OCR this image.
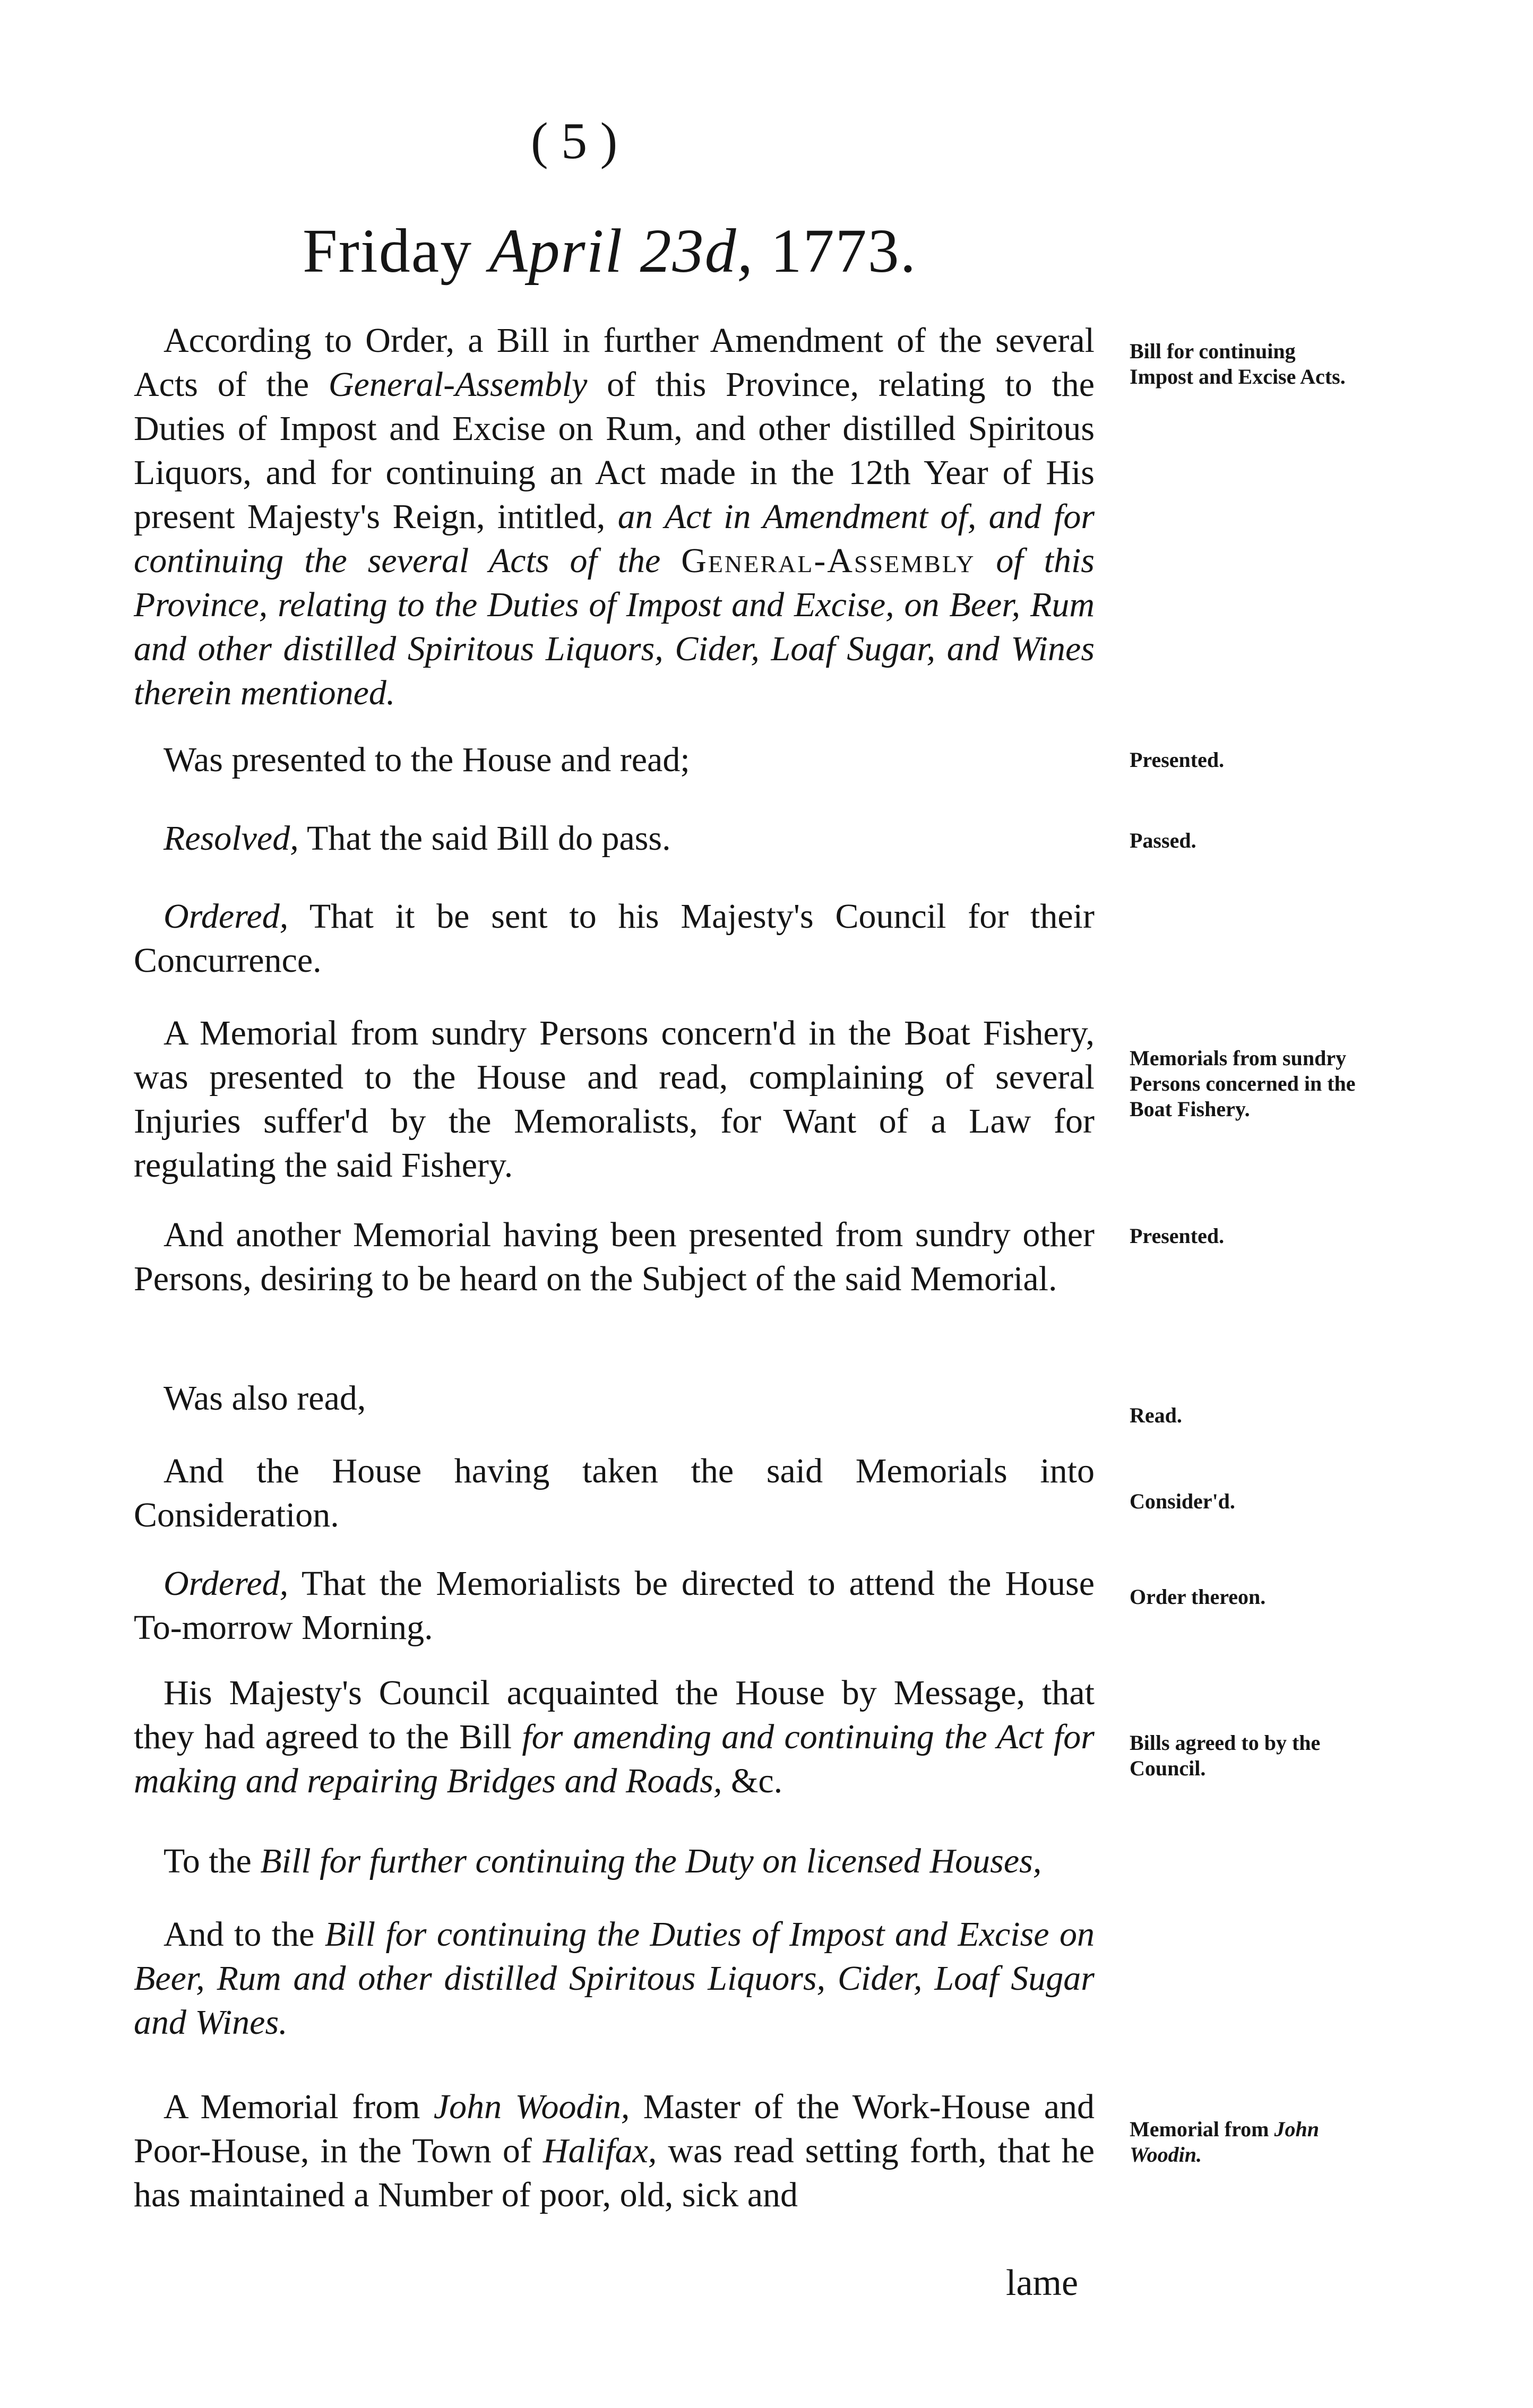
( 5 )
Friday April 23d, 1773.
According to Order, a Bill in further Amendment of the several Acts of the General-Assembly of this Province, relating to the Duties of Impost and Excise on Rum, and other distilled Spiritous Liquors, and for continuing an Act made in the 12th Year of His present Majesty's Reign, intitled, an Act in Amendment of, and for continuing the several Acts of the General-Assembly of this Province, relating to the Duties of Impost and Excise, on Beer, Rum and other distilled Spiritous Liquors, Cider, Loaf Sugar, and Wines therein mentioned.
Bill for continuing Impost and Excise Acts.
Was presented to the House and read;	Presented.
Resolved, That the said Bill do pass.	Passed.
Ordered, That it be sent to his Majesty's Council for their Concurrence.
A Memorial from sundry Persons concern'd in the Boat Fishery, was presented to the House and read, complaining of several Injuries suffer'd by the Memoralists, for Want of a Law for regulating the said Fishery.
Memorials from sundry Persons concerned in the Boat Fishery.
And another Memorial having been presented from sundry other Persons, desiring to be heard on the Subject of the said Memorial.
Presented.
Was also read,	Read.
And the House having taken the said Memorials into Consideration.	Consider'd.
Ordered, That the Memorialists be directed to attend the House To-morrow Morning.
Order thereon.
His Majesty's Council acquainted the House by Message, that they had agreed to the Bill for amending and continuing the Act for making and repairing Bridges and Roads, &c.
Bills agreed to by the Council.
To the Bill for further continuing the Duty on licensed Houses,
And to the Bill for continuing the Duties of Impost and Excise on Beer, Rum and other distilled Spiritous Liquors, Cider, Loaf Sugar and Wines.
A Memorial from John Woodin, Master of the Work-House and Poor-House, in the Town of Halifax, was read setting forth, that he has maintained a Number of poor, old, sick and
Memorial from John Woodin.
lame
